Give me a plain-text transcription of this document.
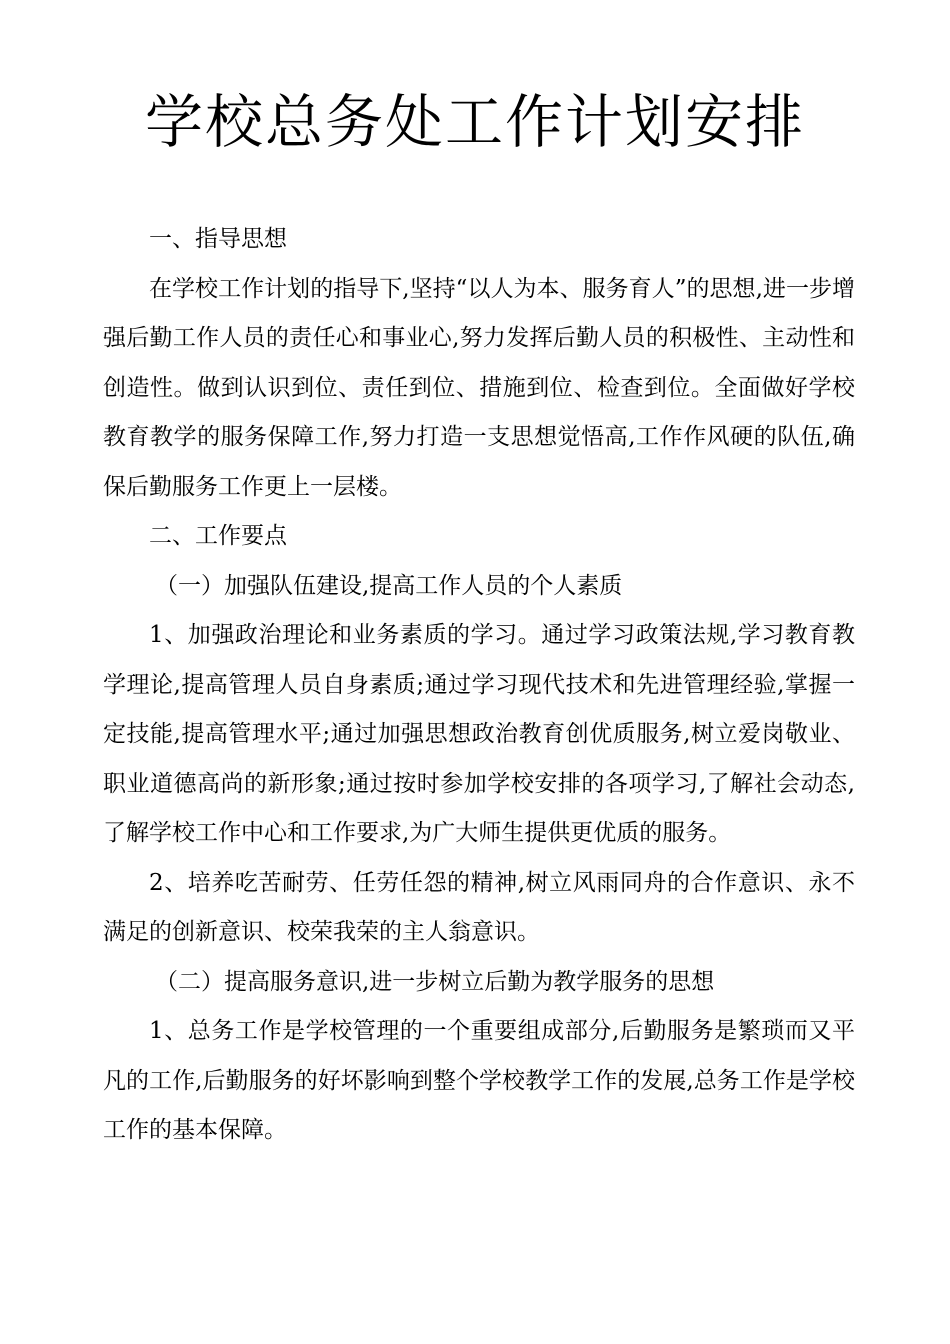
学校总务处工作计划安排

一、指导思想

在学校工作计划的指导下,坚持“以人为本、服务育人”的思想,进一步增强后勤工作人员的责任心和事业心,努力发挥后勤人员的积极性、主动性和创造性。做到认识到位、责任到位、措施到位、检查到位。全面做好学校教育教学的服务保障工作,努力打造一支思想觉悟高,工作作风硬的队伍,确保后勤服务工作更上一层楼。

二、工作要点

（一）加强队伍建设,提高工作人员的个人素质

1、加强政治理论和业务素质的学习。通过学习政策法规,学习教育教学理论,提高管理人员自身素质;通过学习现代技术和先进管理经验,掌握一定技能,提高管理水平;通过加强思想政治教育创优质服务,树立爱岗敬业、职业道德高尚的新形象;通过按时参加学校安排的各项学习,了解社会动态,了解学校工作中心和工作要求,为广大师生提供更优质的服务。

2、培养吃苦耐劳、任劳任怨的精神,树立风雨同舟的合作意识、永不满足的创新意识、校荣我荣的主人翁意识。

（二）提高服务意识,进一步树立后勤为教学服务的思想

1、总务工作是学校管理的一个重要组成部分,后勤服务是繁琐而又平凡的工作,后勤服务的好坏影响到整个学校教学工作的发展,总务工作是学校工作的基本保障。
